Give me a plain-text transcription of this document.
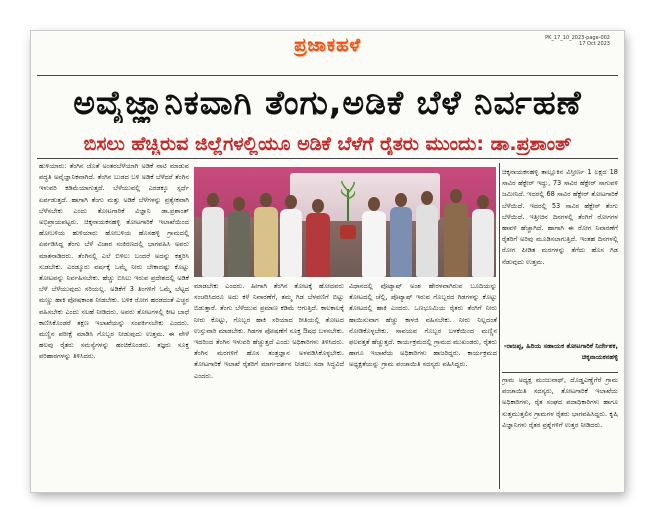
PK_17_10_2023-page-002
17 Oct 2023
ಪ್ರಜಾಕಹಳೆ
ಅವೈಜ್ಞಾನಿಕವಾಗಿ ತೆಂಗು,ಅಡಿಕೆ ಬೆಳೆ ನಿರ್ವಹಣೆ
ಬಿಸಲು ಹೆಚ್ಚಿರುವ ಜಿಲ್ಲೆಗಳಲ್ಲಿಯೂ ಅಡಿಕೆ ಬೆಳೆಗೆ ರೈತರು ಮುಂದು: ಡಾ.ಪ್ರಶಾಂತ್

ಹುಳಿಯಾರು: ತೆಂಗಿನ ಜೊತೆ ಅಂತರಬೆಳೆಯಾಗಿ ಅಡಿಕೆ ನಾಟಿ ಮಾಡುವ ಪದ್ಧತಿ ಅವೈಜ್ಞಾನಿಕವಾಗಿದೆ. ತೆಂಗಿನ ಬುಡದ ಬಳಿ ಅಡಿಕೆ ಬೆಳೆದರೆ ತೆಂಗಿನ ಇಳುವರಿ ಕಡಿಮೆಯಾಗುತ್ತದೆ. ಬೆಳೆಯುವಲ್ಲಿ ಎರಡಕ್ಕೂ ಸ್ಪರ್ಧೆ ಏರ್ಪಡುತ್ತದೆ. ಹಾಗಾಗಿ ತೆಂಗು ಮತ್ತು ಅಡಿಕೆ ಬೆಳೆಗಳನ್ನು ಪ್ರತ್ಯೇಕವಾಗಿ ಬೆಳೆಸಬೇಕು ಎಂದು ತೋಟಗಾರಿಕೆ ವಿಜ್ಞಾನಿ ಡಾ.ಪ್ರಶಾಂತ್ ಅಭಿಪ್ರಾಯಪಟ್ಟರು. ಚಿಕ್ಕನಾಯಕನಹಳ್ಳಿ ತೋಟಗಾರಿಕೆ ಇಲಾಖೆಯಿಂದ ಹೋಬಳಿಯ ಹುಳಿಯಾರು ಹೋಬಳಿಯ ಹೊಸಹಳ್ಳಿ ಗ್ರಾಮದಲ್ಲಿ ಏರ್ಪಡಿಸಿದ್ದ ತೆಂಗು ಬೆಳೆ ವಿಚಾರ ಸಂಕಿರಣದಲ್ಲಿ ಭಾಗವಹಿಸಿ ಅವರು ಮಾತನಾಡಿದರು. ತೆಂಗಿನಲ್ಲಿ ಎಲೆ ಬಿಳಿಲು ಬಂದರೆ ಅದನ್ನು ಕತ್ತರಿಸಿ ಸುಡಬೇಕು. ಎರಡ್ಮೂರು ವರ್ಷಕ್ಕೆ ಒಮ್ಮೆ ನೀರು ಬೇಕಾದಷ್ಟು ಕೊಟ್ಟು ತೋಟವನ್ನು ನಿರ್ವಹಿಸಬೇಕು. ಹೆಚ್ಚು ಬಿಸಿಲು ಇರುವ ಪ್ರದೇಶದಲ್ಲಿ ಅಡಿಕೆ ಬೆಳೆ ಬೆಳೆಯುವುದು ಸರಿಯಲ್ಲ. ಅಡಿಕೆಗೆ 3 ತಿಂಗಳಿಗೆ ಒಮ್ಮೆ ಬೆಟ್ಟದ ಮಣ್ಣು ಹಾಕಿ ಪೋಷಕಾಂಶ ನೀಡಬೇಕು. ಬಳಿಕ ರೋಗ ಹರಡದಂತೆ ಎಚ್ಚರ ವಹಿಸಬೇಕು ಎಂದು ಸಲಹೆ ನೀಡಿದರು. ಅವರು ತೋಟಗಳಲ್ಲಿ ಕೀಟ ಬಾಧೆ ಕಾಣಿಸಿಕೊಂಡರೆ ತಕ್ಷಣ ಇಲಾಖೆಯನ್ನು ಸಂಪರ್ಕಿಸಬೇಕು ಎಂದರು. ಮಣ್ಣಿನ ಪರೀಕ್ಷೆ ಮಾಡಿಸಿ ಗೊಬ್ಬರ ನೀಡುವುದು ಉತ್ತಮ. ಈ ವೇಳೆ ಹಲವು ರೈತರು ಸಮಸ್ಯೆಗಳನ್ನು ಹಂಚಿಕೊಂಡರು. ತಜ್ಞರು ಸೂಕ್ತ ಪರಿಹಾರಗಳನ್ನು ತಿಳಿಸಿದರು.

ಮಾಡಬೇಕು ಎಂದರು. ಹೀಗಾಗಿ ತೆಂಗಿನ ತೋಟಕ್ಕೆ ಹೋದವರು ಸಂಚರಿಸಿದರೂ ಅದು ಕಳೆ ನಿವಾರಣೆಗೆ, ತಮ್ಮ ಗಿಡ ಬೆಳವಣಿಗೆ ಬಿಟ್ಟು ಬಿಡುತ್ತಾರೆ. ತೆಂಗು ಬೆಳೆಯುವ ಪ್ರಮಾಣ ಕಡಿಮೆ ಆಗುತ್ತಿದೆ. ಕಾಲಕಾಲಕ್ಕೆ ನೀರು ಕೊಟ್ಟು, ಗೊಬ್ಬರ ಹಾಕಿ ಸರಿಯಾದ ರೀತಿಯಲ್ಲಿ ತೋಟದ ಉಸ್ತುವಾರಿ ಮಾಡಬೇಕು. ಗಿಡಗಳ ಪೋಷಣೆಗೆ ಸೂಕ್ತ ಔಷಧ ಬಳಸಬೇಕು. ಇದರಿಂದ ತೆಂಗಿನ ಇಳುವರಿ ಹೆಚ್ಚುತ್ತದೆ ಎಂದು ಅಧಿಕಾರಿಗಳು ತಿಳಿಸಿದರು. ತೆಂಗಿನ ಮರಗಳಿಗೆ ಹೊಸ ತಂತ್ರಜ್ಞಾನ ಅಳವಡಿಸಿಕೊಳ್ಳಬೇಕು. ತೋಟಗಾರಿಕೆ ಇಲಾಖೆ ರೈತರಿಗೆ ಮಾರ್ಗದರ್ಶನ ನೀಡಲು ಸದಾ ಸಿದ್ಧವಿದೆ ಎಂದರು.

ವಿಧಾನದಲ್ಲಿ ಪೊಟ್ಯಾಷ್ ಅಂಶ ಹೇರಳವಾಗಿರುವ ಬೂದಿಯನ್ನು ತೋಟದಲ್ಲಿ ಚೆಲ್ಲಿ, ಪೊಟ್ಯಾಷ್ ಇರುವ ಗೊಬ್ಬರದ ಗಿಡಗಳನ್ನು ಕೊಟ್ಟು ತೋಟದಲ್ಲಿ ಹಾಕಿ ಎಂದರು. ಒಣಭೂಮಿಯ ರೈತರು ತೆಂಗಿಗೆ ನೀರು ಹಾಯಿಸುವಾಗ ಹೆಚ್ಚು ಕಾಳಜಿ ವಹಿಸಬೇಕು. ನೀರು ನಿಲ್ಲದಂತೆ ನೋಡಿಕೊಳ್ಳಬೇಕು. ಸಾವಯವ ಗೊಬ್ಬರ ಬಳಕೆಯಿಂದ ಮಣ್ಣಿನ ಫಲವತ್ತತೆ ಹೆಚ್ಚುತ್ತದೆ. ಕಾರ್ಯಕ್ರಮದಲ್ಲಿ ಗ್ರಾಮದ ಮುಖಂಡರು, ರೈತರು ಹಾಗೂ ಇಲಾಖೆಯ ಅಧಿಕಾರಿಗಳು ಹಾಜರಿದ್ದರು. ಕಾರ್ಯಕ್ರಮದ ಅಧ್ಯಕ್ಷತೆಯನ್ನು ಗ್ರಾಮ ಪಂಚಾಯಿತಿ ಸದಸ್ಯರು ವಹಿಸಿದ್ದರು.

ಚಿಕ್ಕನಾಯಕನಹಳ್ಳಿ ತಾಲ್ಲೂಕಿನ ವಿಸ್ತೀರ್ಣ 1 ಲಕ್ಷದ 18 ಸಾವಿರ ಹೆಕ್ಟೇರ್ ಇದ್ದು, 73 ಸಾವಿರ ಹೆಕ್ಟೇರ್ ಸಾಗುವಳಿ ಜಮೀನಿದೆ. ಇದರಲ್ಲಿ 68 ಸಾವಿರ ಹೆಕ್ಟೇರ್ ತೋಟಗಾರಿಕೆ ಬೆಳೆಯಿದೆ. ಇದರಲ್ಲಿ 53 ಸಾವಿರ ಹೆಕ್ಟೇರ್ ತೆಂಗು ಬೆಳೆಯಿದೆ. ಇತ್ತೀಚಿನ ದಿನಗಳಲ್ಲಿ ತೆಂಗಿಗೆ ರೋಗಗಳ ಹಾವಳಿ ಹೆಚ್ಚಾಗಿದೆ. ಹಾಗಾಗಿ ಈ ರೋಗ ನಿವಾರಣೆಗೆ ರೈತರಿಗೆ ಅರಿವು ಮೂಡಿಸಲಾಗುತ್ತಿದೆ. ಇಂತಹ ದಿನಗಳಲ್ಲಿ ರೋಗ ಪೀಡಿತ ಮರಗಳನ್ನು ತೆಗೆದು ಹೊಸ ಗಿಡ ನೆಡುವುದು ಉತ್ತಮ.

-ರಾಜಪ್ಪ, ಹಿರಿಯ ಸಹಾಯಕ ತೋಟಗಾರಿಕೆ ನಿರ್ದೇಶಕ, ಚಿಕ್ಕನಾಯಕನಹಳ್ಳಿ

ಗ್ರಾಮ ಅಧ್ಯಕ್ಷ ಮಂಜುನಾಥ್, ದೊಡ್ಡಎಣ್ಣೆಗೆರೆ ಗ್ರಾಮ ಪಂಚಾಯಿತಿ ಸದಸ್ಯರು, ತೋಟಗಾರಿಕೆ ಇಲಾಖೆಯ ಅಧಿಕಾರಿಗಳು, ರೈತ ಸಂಘದ ಪದಾಧಿಕಾರಿಗಳು ಹಾಗೂ ಸುತ್ತಮುತ್ತಲಿನ ಗ್ರಾಮಗಳ ರೈತರು ಭಾಗವಹಿಸಿದ್ದರು. ಕೃಷಿ ವಿಜ್ಞಾನಿಗಳು ರೈತರ ಪ್ರಶ್ನೆಗಳಿಗೆ ಉತ್ತರ ನೀಡಿದರು.
